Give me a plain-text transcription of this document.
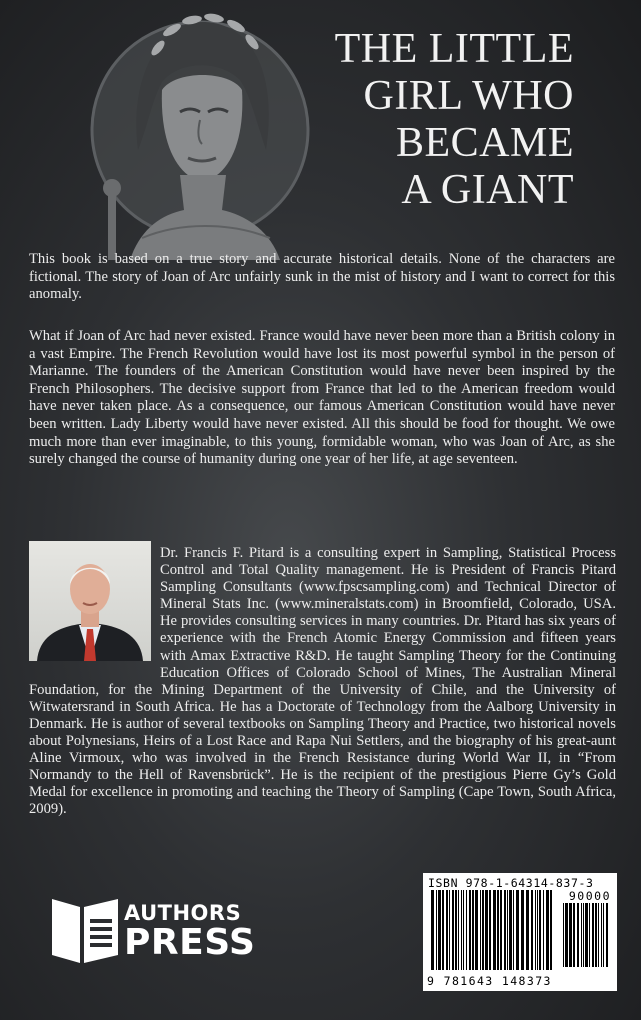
THE LITTLE
GIRL WHO
BECAME
A GIANT

This book is based on a true story and accurate historical details. None of the characters are fictional. The story of Joan of Arc unfairly sunk in the mist of history and I want to correct for this anomaly.

What if Joan of Arc had never existed. France would have never been more than a British colony in a vast Empire. The French Revolution would have lost its most powerful symbol in the person of Marianne. The founders of the American Constitution would have never been inspired by the French Philosophers. The decisive support from France that led to the American freedom would have never taken place. As a consequence, our famous American Constitution would have never been written. Lady Liberty would have never existed. All this should be food for thought. We owe much more than ever imaginable, to this young, formidable woman, who was Joan of Arc, as she surely changed the course of humanity during one year of her life, at age seventeen.

Dr. Francis F. Pitard is a consulting expert in Sampling, Statistical Process Control and Total Quality management. He is President of Francis Pitard Sampling Consultants (www.fpscsampling.com) and Technical Director of Mineral Stats Inc. (www.mineralstats.com) in Broomfield, Colorado, USA. He provides consulting services in many countries. Dr. Pitard has six years of experience with the French Atomic Energy Commission and fifteen years with Amax Extractive R&D. He taught Sampling Theory for the Continuing Education Offices of Colorado School of Mines, The Australian Mineral Foundation, for the Mining Department of the University of Chile, and the University of Witwatersrand in South Africa. He has a Doctorate of Technology from the Aalborg University in Denmark. He is author of several textbooks on Sampling Theory and Practice, two historical novels about Polynesians, Heirs of a Lost Race and Rapa Nui Settlers, and the biography of his great-aunt Aline Virmoux, who was involved in the French Resistance during World War II, in “From Normandy to the Hell of Ravensbrück”. He is the recipient of the prestigious Pierre Gy’s Gold Medal for excellence in promoting and teaching the Theory of Sampling (Cape Town, South Africa, 2009).

AUTHORS
PRESS
ISBN 978-1-64314-837-3
90000
9 781643 148373
